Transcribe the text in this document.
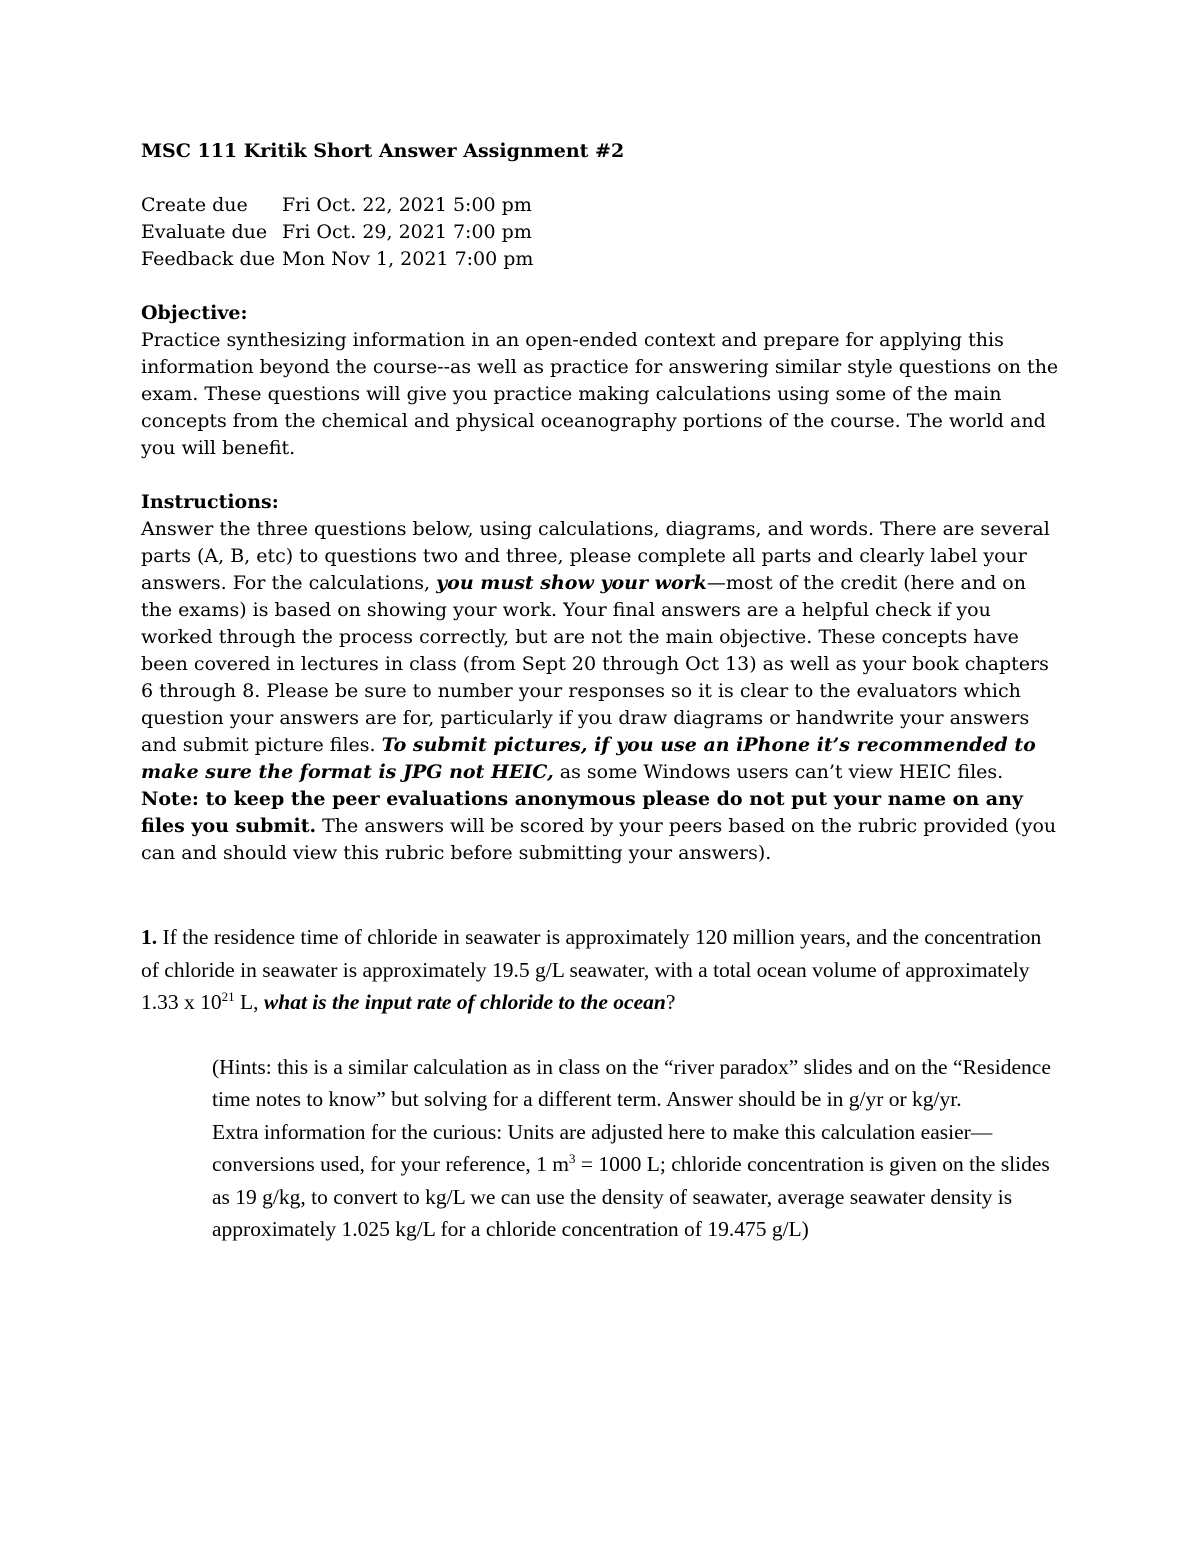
MSC 111 Kritik Short Answer Assignment #2

Create due	Fri Oct. 22, 2021 5:00 pm
Evaluate due Fri Oct. 29, 2021 7:00 pm
Feedback due Mon Nov 1, 2021 7:00 pm

Objective:

Practice synthesizing information in an open-ended context and prepare for applying this information beyond the course--as well as practice for answering similar style questions on the exam. These questions will give you practice making calculations using some of the main concepts from the chemical and physical oceanography portions of the course. The world and you will benefit.

Instructions:

Answer the three questions below, using calculations, diagrams, and words. There are several parts (A, B, etc) to questions two and three, please complete all parts and clearly label your answers. For the calculations, you must show your work—most of the credit (here and on the exams) is based on showing your work. Your final answers are a helpful check if you worked through the process correctly, but are not the main objective. These concepts have been covered in lectures in class (from Sept 20 through Oct 13) as well as your book chapters 6 through 8. Please be sure to number your responses so it is clear to the evaluators which question your answers are for, particularly if you draw diagrams or handwrite your answers and submit picture files. To submit pictures, if you use an iPhone it’s recommended to make sure the format is JPG not HEIC, as some Windows users can’t view HEIC files. Note: to keep the peer evaluations anonymous please do not put your name on any files you submit. The answers will be scored by your peers based on the rubric provided (you can and should view this rubric before submitting your answers).

1. If the residence time of chloride in seawater is approximately 120 million years, and the concentration of chloride in seawater is approximately 19.5 g/L seawater, with a total ocean volume of approximately 1.33 x $10^{21}$ L, what is the input rate of chloride to the ocean?

(Hints: this is a similar calculation as in class on the “river paradox” slides and on the “Residence time notes to know” but solving for a different term. Answer should be in g/yr or kg/yr.

Extra information for the curious: Units are adjusted here to make this calculation easier—conversions used, for your reference, 1 $m^3 = 1000$ L; chloride concentration is given on the slides as 19 g/kg, to convert to kg/L we can use the density of seawater, average seawater density is approximately 1.025 kg/L for a chloride concentration of 19.475 g/L)
